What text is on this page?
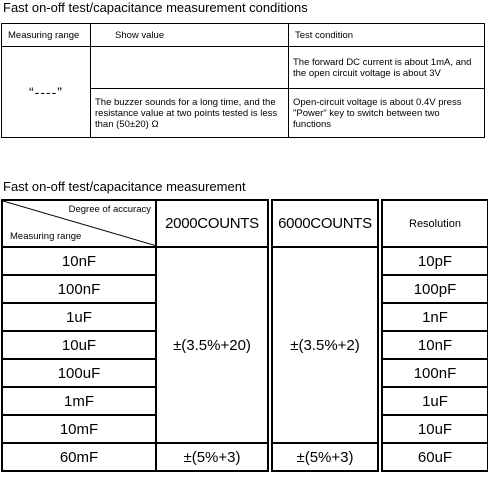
Fast on-off test/capacitance measurement conditions
Measuring range	Show value	Test condition
“----”		The forward DC current is about 1mA, and the open circuit voltage is about 3V
	The buzzer sounds for a long time, and the resistance value at two points tested is less than (50±20) Ω	Open-circuit voltage is about 0.4V press "Power" key to switch between two functions
Fast on-off test/capacitance measurement
Degree of accuracy
Measuring range	2000COUNTS		6000COUNTS		Resolution
10nF	±(3.5%+20)		±(3.5%+2)		10pF
100nF					100pF
1uF					1nF
10uF					10nF
100uF					100nF
1mF					1uF
10mF					10uF
60mF	±(5%+3)		±(5%+3)		60uF
